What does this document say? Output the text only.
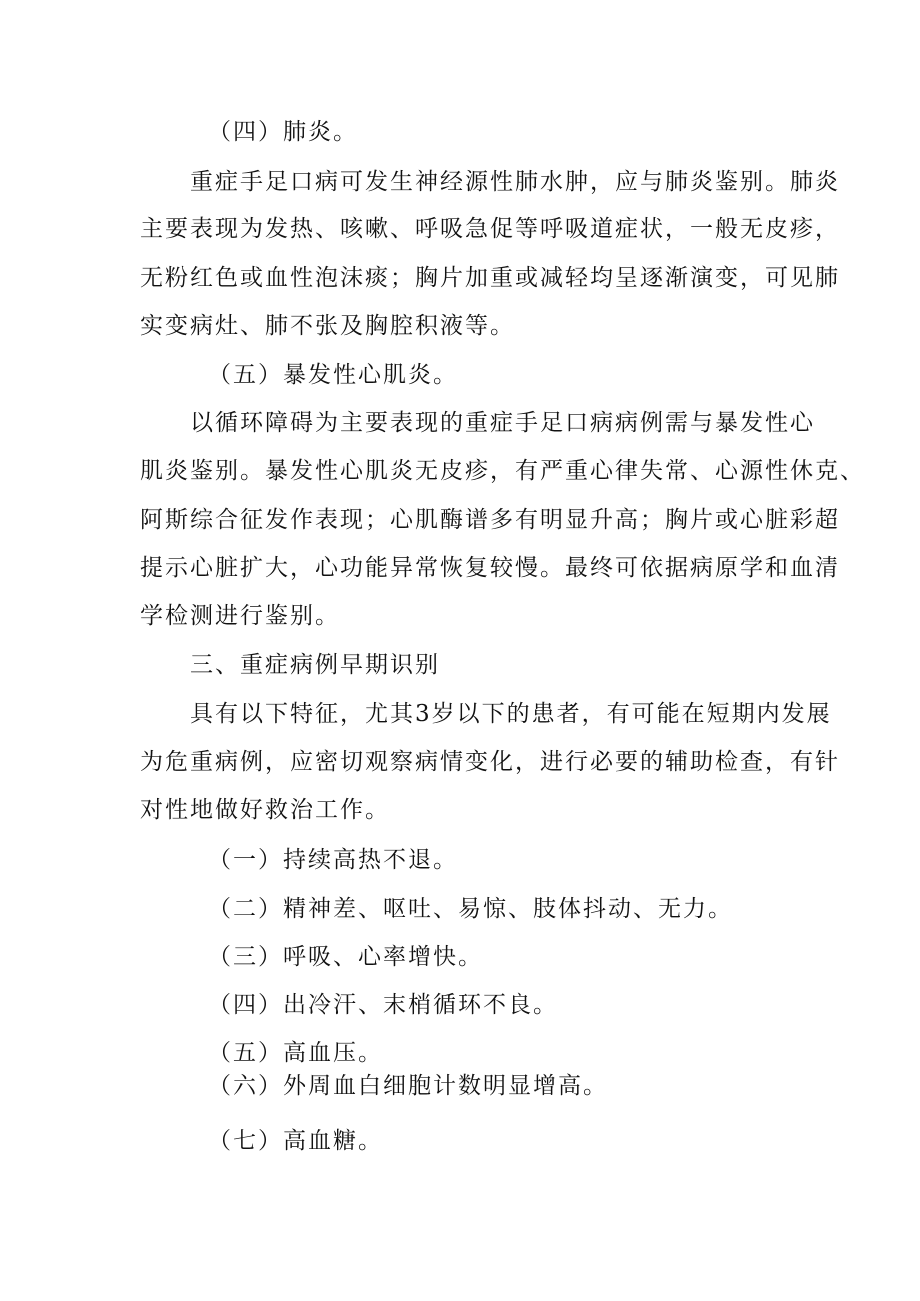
（四）肺炎。
重症手足口病可发生神经源性肺水肿，应与肺炎鉴别。肺炎
主要表现为发热、咳嗽、呼吸急促等呼吸道症状，一般无皮疹，
无粉红色或血性泡沫痰；胸片加重或减轻均呈逐渐演变，可见肺
实变病灶、肺不张及胸腔积液等。
（五）暴发性心肌炎。
以循环障碍为主要表现的重症手足口病病例需与暴发性心
肌炎鉴别。暴发性心肌炎无皮疹，有严重心律失常、心源性休克、
阿斯综合征发作表现；心肌酶谱多有明显升高；胸片或心脏彩超
提示心脏扩大，心功能异常恢复较慢。最终可依据病原学和血清
学检测进行鉴别。
三、重症病例早期识别
具有以下特征，尤其3岁以下的患者，有可能在短期内发展
为危重病例，应密切观察病情变化，进行必要的辅助检查，有针
对性地做好救治工作。
（一）持续高热不退。
（二）精神差、呕吐、易惊、肢体抖动、无力。
（三）呼吸、心率增快。
（四）出冷汗、末梢循环不良。
（五）高血压。
（六）外周血白细胞计数明显增高。
（七）高血糖。
